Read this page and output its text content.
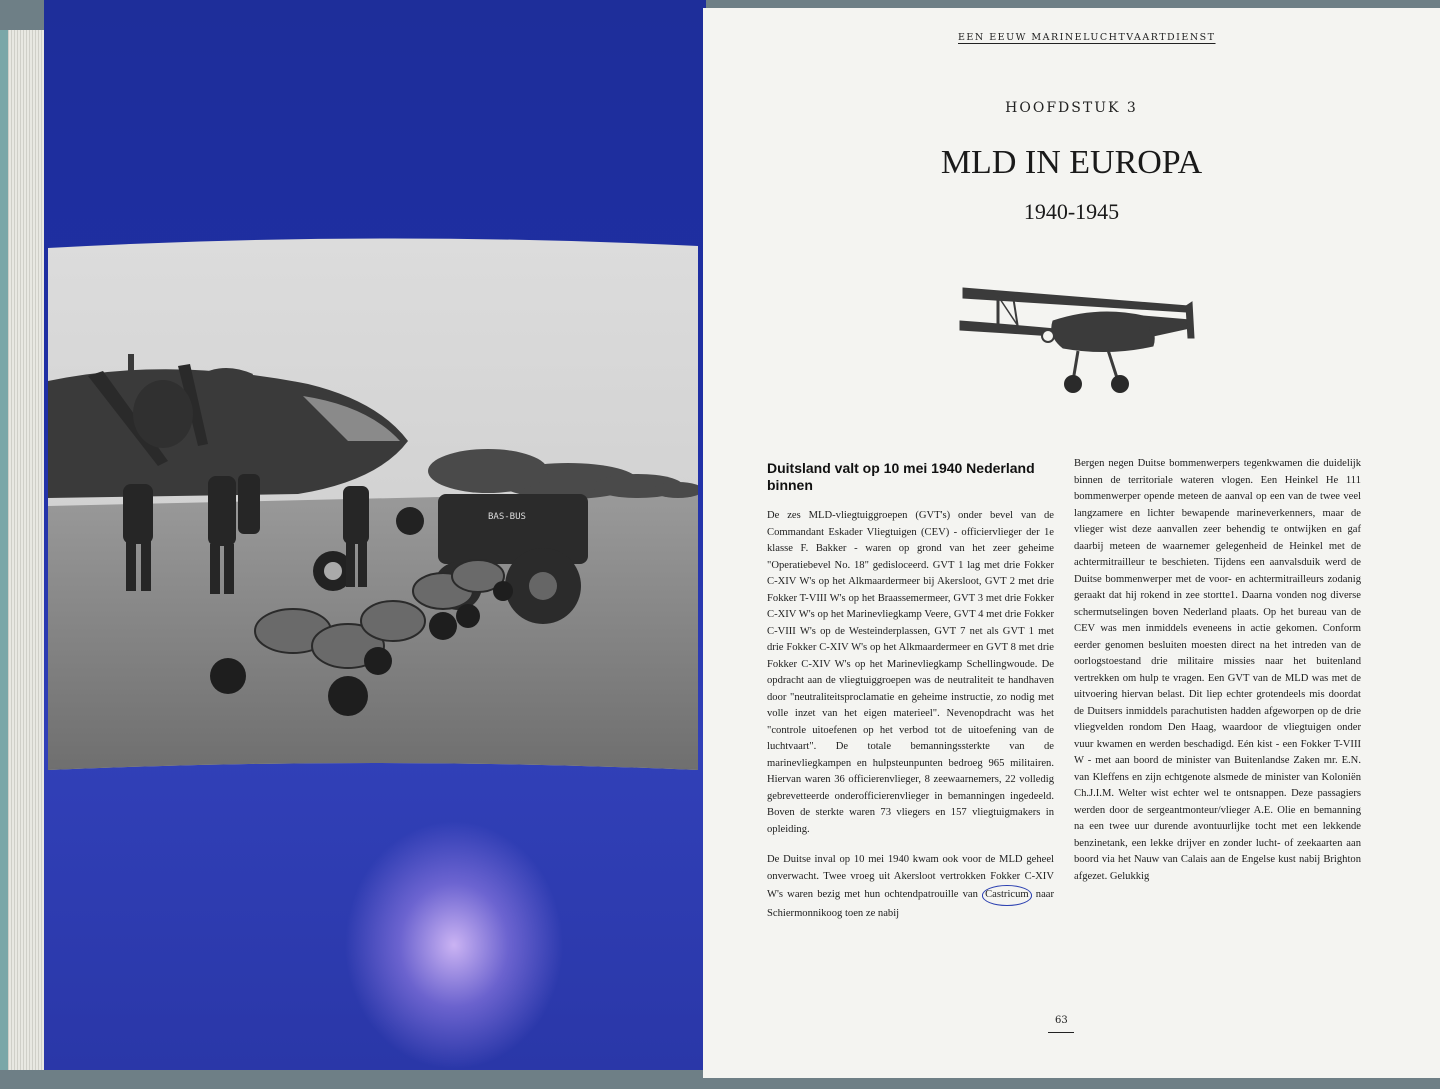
BAS-BUS
EEN EEUW MARINELUCHTVAARTDIENST
HOOFDSTUK 3
MLD IN EUROPA
1940-1945
Duitsland valt op 10 mei 1940 Nederland binnen

De zes MLD-vliegtuiggroepen (GVT's) onder bevel van de Commandant Eskader Vliegtuigen (CEV) - officiervlieger der 1e klasse F. Bakker - waren op grond van het zeer geheime "Operatiebevel No. 18" gedisloceerd. GVT 1 lag met drie Fokker C-XIV W's op het Alkmaardermeer bij Akersloot, GVT 2 met drie Fokker T-VIII W's op het Braassemermeer, GVT 3 met drie Fokker C-XIV W's op het Marinevliegkamp Veere, GVT 4 met drie Fokker C-VIII W's op de Westeinderplassen, GVT 7 net als GVT 1 met drie Fokker C-XIV W's op het Alkmaardermeer en GVT 8 met drie Fokker C-XIV W's op het Marinevliegkamp Schellingwoude. De opdracht aan de vliegtuiggroepen was de neutraliteit te handhaven door "neutraliteitsproclamatie en geheime instructie, zo nodig met volle inzet van het eigen materieel". Nevenopdracht was het "controle uitoefenen op het verbod tot de uitoefening van de luchtvaart". De totale bemanningssterkte van de marinevliegkampen en hulpsteunpunten bedroeg 965 militairen. Hiervan waren 36 officierenvlieger, 8 zeewaarnemers, 22 volledig gebrevetteerde onderofficierenvlieger in bemanningen ingedeeld. Boven de sterkte waren 73 vliegers en 157 vliegtuigmakers in opleiding.

De Duitse inval op 10 mei 1940 kwam ook voor de MLD geheel onverwacht. Twee vroeg uit Akersloot vertrokken Fokker C-XIV W's waren bezig met hun ochtendpatrouille van Castricum naar Schiermonnikoog toen ze nabij

Bergen negen Duitse bommenwerpers tegenkwamen die duidelijk binnen de territoriale wateren vlogen. Een Heinkel He 111 bommenwerper opende meteen de aanval op een van de twee veel langzamere en lichter bewapende marineverkenners, maar de vlieger wist deze aanvallen zeer behendig te ontwijken en gaf daarbij meteen de waarnemer gelegenheid de Heinkel met de achtermitrailleur te beschieten. Tijdens een aanvalsduik werd de Duitse bommenwerper met de voor- en achtermitrailleurs zodanig geraakt dat hij rokend in zee stortte1. Daarna vonden nog diverse schermutselingen boven Nederland plaats. Op het bureau van de CEV was men inmiddels eveneens in actie gekomen. Conform eerder genomen besluiten moesten direct na het intreden van de oorlogstoestand drie militaire missies naar het buitenland vertrekken om hulp te vragen. Een GVT van de MLD was met de uitvoering hiervan belast. Dit liep echter grotendeels mis doordat de Duitsers inmiddels parachutisten hadden afgeworpen op de drie vliegvelden rondom Den Haag, waardoor de vliegtuigen onder vuur kwamen en werden beschadigd. Eén kist - een Fokker T-VIII W - met aan boord de minister van Buitenlandse Zaken mr. E.N. van Kleffens en zijn echtgenote alsmede de minister van Koloniën Ch.J.I.M. Welter wist echter wel te ontsnappen. Deze passagiers werden door de sergeantmonteur/vlieger A.E. Olie en bemanning na een twee uur durende avontuurlijke tocht met een lekkende benzinetank, een lekke drijver en zonder lucht- of zeekaarten aan boord via het Nauw van Calais aan de Engelse kust nabij Brighton afgezet. Gelukkig

63
